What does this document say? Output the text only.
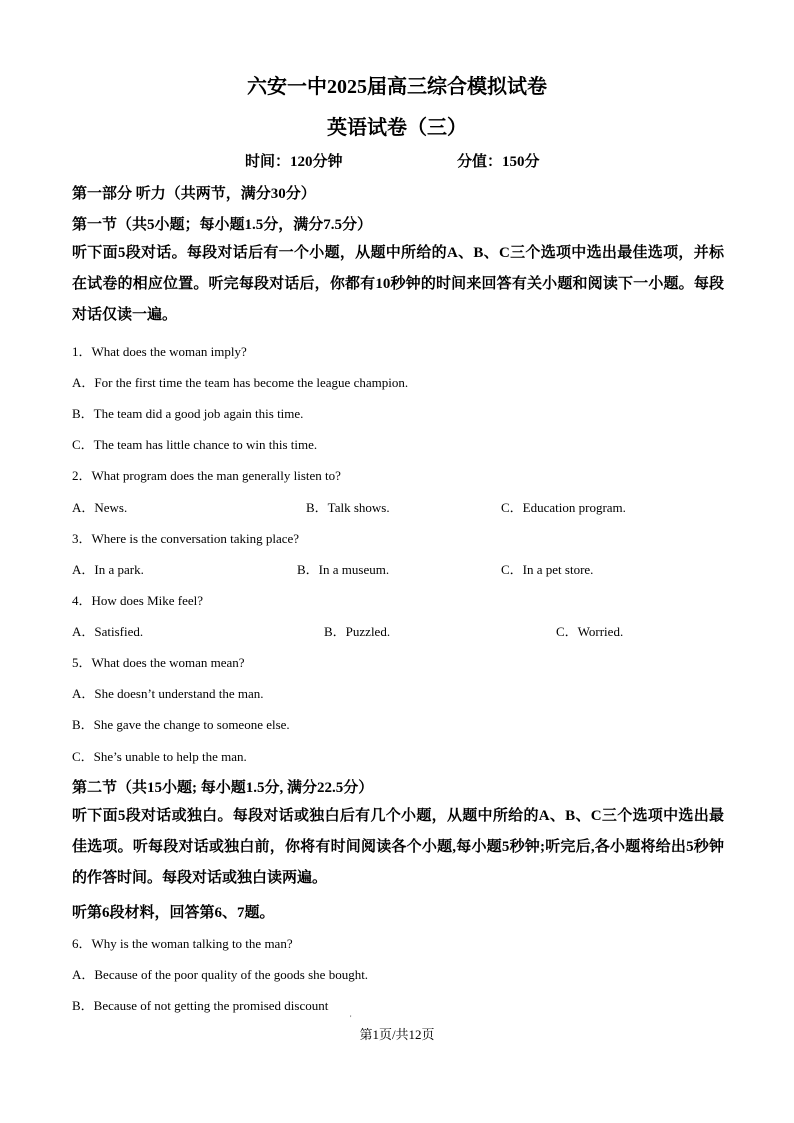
六安一中2025届高三综合模拟试卷
英语试卷（三）
时间：120分钟	分值：150分
第一部分 听力（共两节，满分30分）
第一节（共5小题；每小题1.5分，满分7.5分）
听下面5段对话。每段对话后有一个小题，从题中所给的A、B、C三个选项中选出最佳选项，并标在试卷的相应位置。听完每段对话后，你都有10秒钟的时间来回答有关小题和阅读下一小题。每段对话仅读一遍。
1．What does the woman imply?
A．For the first time the team has become the league champion.
B．The team did a good job again this time.
C．The team has little chance to win this time.
2．What program does the man generally listen to?
A．News.	B．Talk shows.	C．Education program.
3．Where is the conversation taking place?
A．In a park.	B．In a museum.	C．In a pet store.
4．How does Mike feel?
A．Satisfied.	B．Puzzled.	C．Worried.
5．What does the woman mean?
A．She doesn’t understand the man.
B．She gave the change to someone else.
C．She’s unable to help the man.
第二节（共15小题; 每小题1.5分, 满分22.5分）
听下面5段对话或独白。每段对话或独白后有几个小题，从题中所给的A、B、C三个选项中选出最佳选项。听每段对话或独白前，你将有时间阅读各个小题,每小题5秒钟;听完后,各小题将给出5秒钟的作答时间。每段对话或独白读两遍。
听第6段材料，回答第6、7题。
6．Why is the woman talking to the man?
A．Because of the poor quality of the goods she bought.
B．Because of not getting the promised discount
,
第1页/共12页
